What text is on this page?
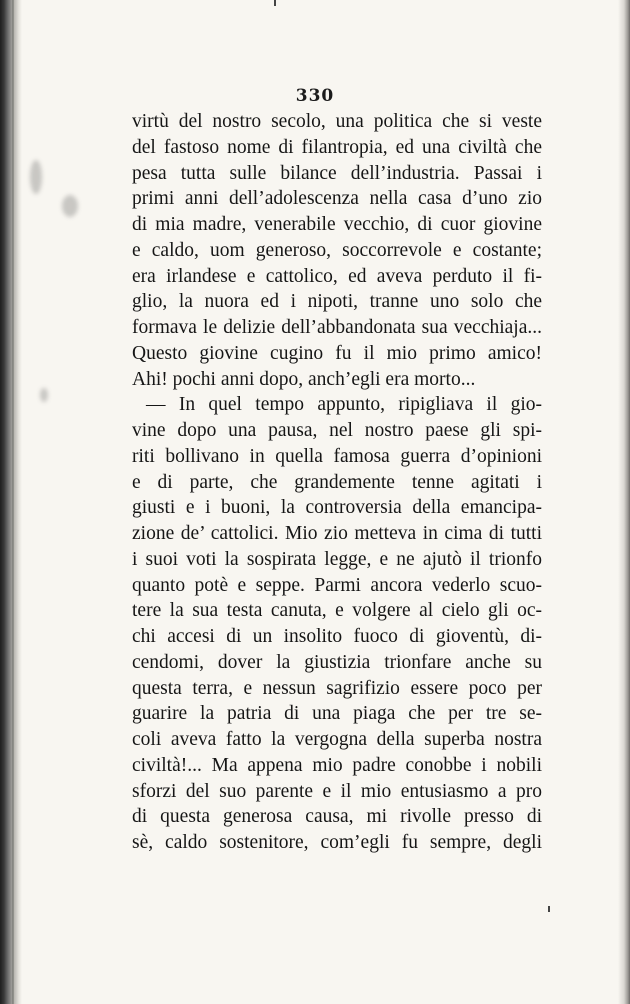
330
virtù del nostro secolo, una politica che si veste
del fastoso nome di filantropia, ed una civiltà che
pesa tutta sulle bilance dell’industria. Passai i
primi anni dell’adolescenza nella casa d’uno zio
di mia madre, venerabile vecchio, di cuor giovine
e caldo, uom generoso, soccorrevole e costante;
era irlandese e cattolico, ed aveva perduto il fi-
glio, la nuora ed i nipoti, tranne uno solo che
formava le delizie dell’abbandonata sua vecchiaja...
Questo giovine cugino fu il mio primo amico!
Ahi! pochi anni dopo, anch’egli era morto...
— In quel tempo appunto, ripigliava il gio-
vine dopo una pausa, nel nostro paese gli spi-
riti bollivano in quella famosa guerra d’opinioni
e di parte, che grandemente tenne agitati i
giusti e i buoni, la controversia della emancipa-
zione de’ cattolici. Mio zio metteva in cima di tutti
i suoi voti la sospirata legge, e ne ajutò il trionfo
quanto potè e seppe. Parmi ancora vederlo scuo-
tere la sua testa canuta, e volgere al cielo gli oc-
chi accesi di un insolito fuoco di gioventù, di-
cendomi, dover la giustizia trionfare anche su
questa terra, e nessun sagrifizio essere poco per
guarire la patria di una piaga che per tre se-
coli aveva fatto la vergogna della superba nostra
civiltà!... Ma appena mio padre conobbe i nobili
sforzi del suo parente e il mio entusiasmo a pro
di questa generosa causa, mi rivolle presso di
sè, caldo sostenitore, com’egli fu sempre, degli
